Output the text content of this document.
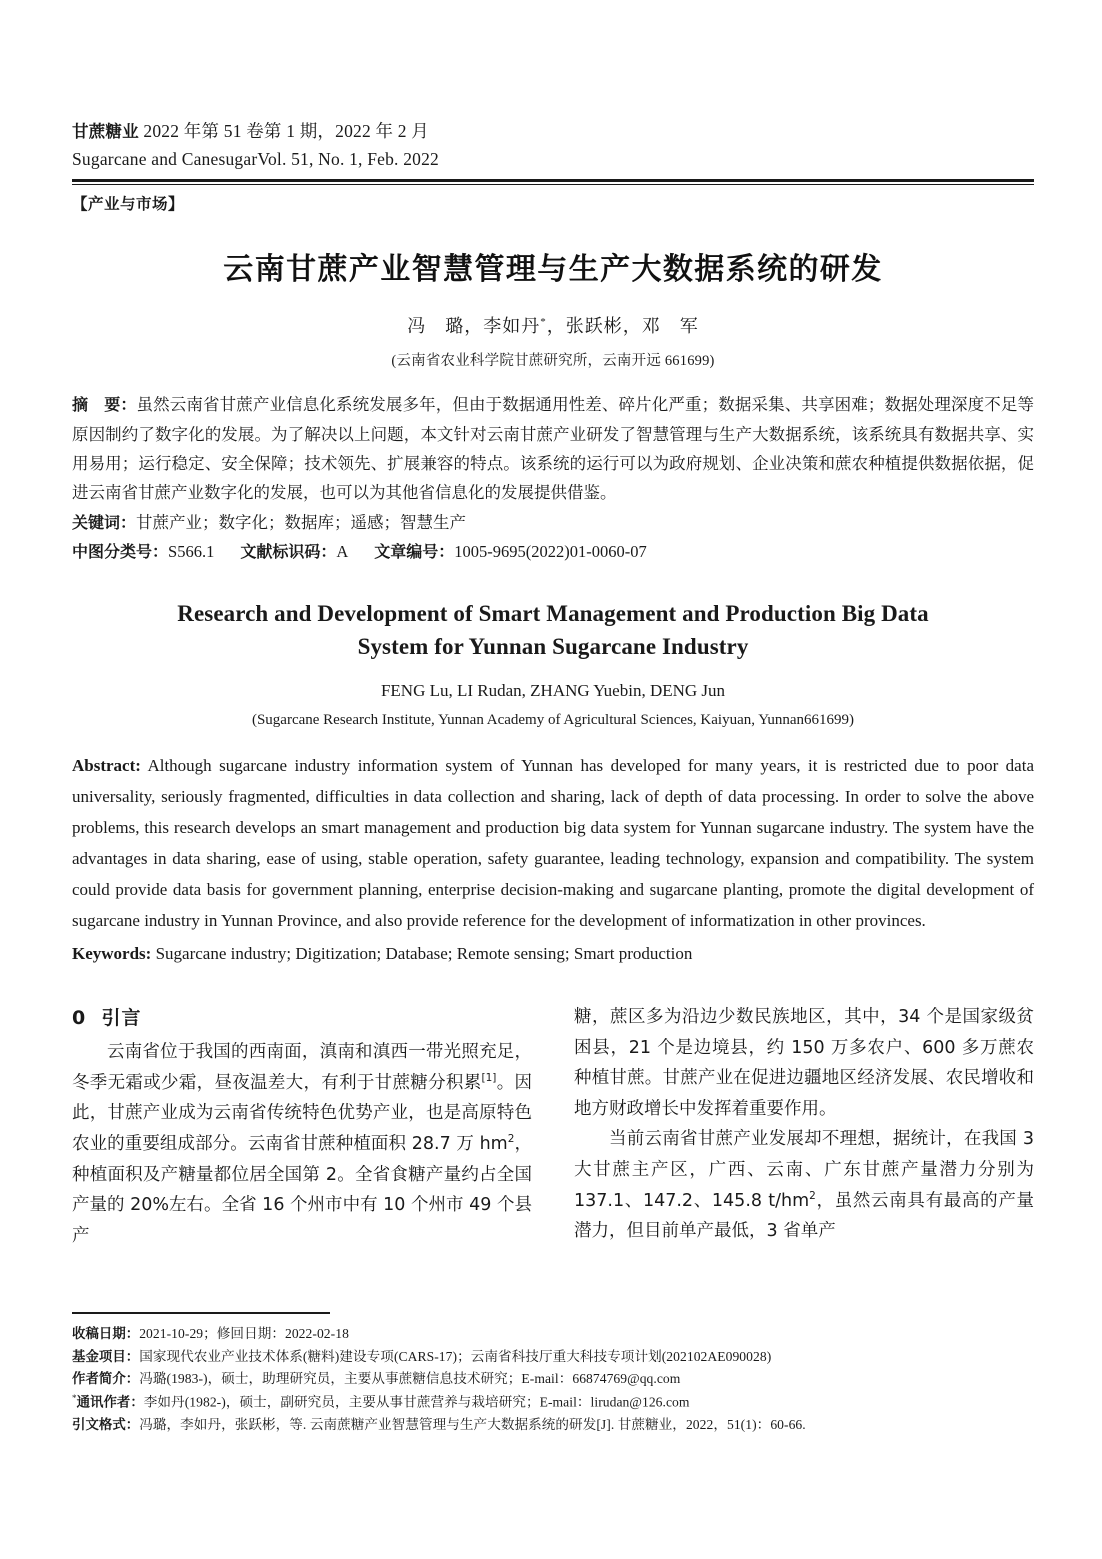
甘蔗糖业 2022 年第 51 卷第 1 期，2022 年 2 月
Sugarcane and CanesugarVol. 51, No. 1, Feb. 2022
【产业与市场】
云南甘蔗产业智慧管理与生产大数据系统的研发
冯　璐，李如丹*，张跃彬，邓　军
(云南省农业科学院甘蔗研究所，云南开远 661699)

摘　要：虽然云南省甘蔗产业信息化系统发展多年，但由于数据通用性差、碎片化严重；数据采集、共享困难；数据处理深度不足等原因制约了数字化的发展。为了解决以上问题，本文针对云南甘蔗产业研发了智慧管理与生产大数据系统，该系统具有数据共享、实用易用；运行稳定、安全保障；技术领先、扩展兼容的特点。该系统的运行可以为政府规划、企业决策和蔗农种植提供数据依据，促进云南省甘蔗产业数字化的发展，也可以为其他省信息化的发展提供借鉴。

关键词：甘蔗产业；数字化；数据库；遥感；智慧生产

中图分类号：S566.1 文献标识码：A 文章编号：1005-9695(2022)01-0060-07

Research and Development of Smart Management and Production Big Data
System for Yunnan Sugarcane Industry
FENG Lu, LI Rudan, ZHANG Yuebin, DENG Jun
(Sugarcane Research Institute, Yunnan Academy of Agricultural Sciences, Kaiyuan, Yunnan661699)

Abstract: Although sugarcane industry information system of Yunnan has developed for many years, it is restricted due to poor data universality, seriously fragmented, difficulties in data collection and sharing, lack of depth of data processing. In order to solve the above problems, this research develops an smart management and production big data system for Yunnan sugarcane industry. The system have the advantages in data sharing, ease of using, stable operation, safety guarantee, leading technology, expansion and compatibility. The system could provide data basis for government planning, enterprise decision-making and sugarcane planting, promote the digital development of sugarcane industry in Yunnan Province, and also provide reference for the development of informatization in other provinces.

Keywords: Sugarcane industry; Digitization; Database; Remote sensing; Smart production
0 引言

云南省位于我国的西南面，滇南和滇西一带光照充足，冬季无霜或少霜，昼夜温差大，有利于甘蔗糖分积累[1]。因此，甘蔗产业成为云南省传统特色优势产业，也是高原特色农业的重要组成部分。云南省甘蔗种植面积 28.7 万 $hm^2$，种植面积及产糖量都位居全国第 2。全省食糖产量约占全国产量的 20%左右。全省 16 个州市中有 10 个州市 49 个县产

糖，蔗区多为沿边少数民族地区，其中，34 个是国家级贫困县，21 个是边境县，约 150 万多农户、600 多万蔗农种植甘蔗。甘蔗产业在促进边疆地区经济发展、农民增收和地方财政增长中发挥着重要作用。

当前云南省甘蔗产业发展却不理想，据统计，在我国 3 大甘蔗主产区，广西、云南、广东甘蔗产量潜力分别为 137.1、147.2、145.8 $t/hm^2$，虽然云南具有最高的产量潜力，但目前单产最低，3 省单产

收稿日期：2021-10-29；修回日期：2022-02-18
基金项目：国家现代农业产业技术体系(糖料)建设专项(CARS-17)；云南省科技厅重大科技专项计划(202102AE090028)
作者简介：冯璐(1983-)，硕士，助理研究员，主要从事蔗糖信息技术研究；E-mail：66874769@qq.com
*通讯作者：李如丹(1982-)，硕士，副研究员，主要从事甘蔗营养与栽培研究；E-mail：lirudan@126.com
引文格式：冯璐，李如丹，张跃彬，等. 云南蔗糖产业智慧管理与生产大数据系统的研发[J]. 甘蔗糖业，2022，51(1)：60-66.
